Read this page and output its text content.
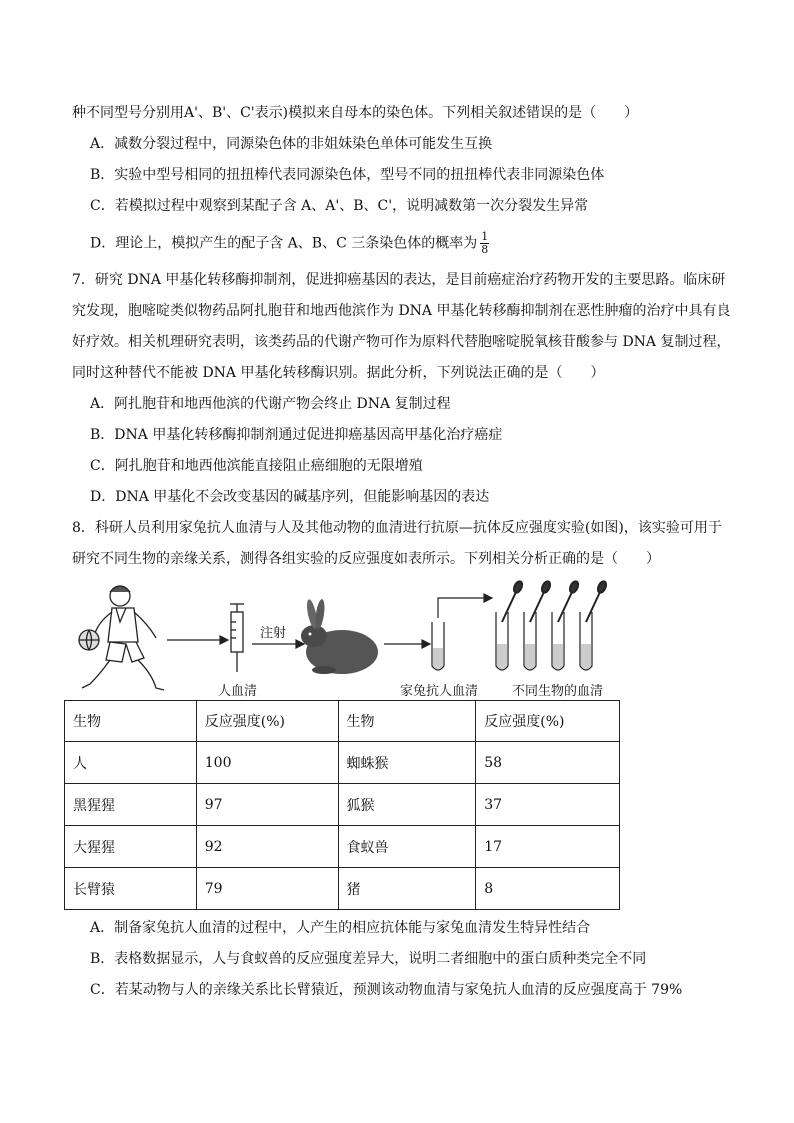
种不同型号分别用A'、B'、C'表示)模拟来自母本的染色体。下列相关叙述错误的是（　　）
A．减数分裂过程中，同源染色体的非姐妹染色单体可能发生互换
B．实验中型号相同的扭扭棒代表同源染色体，型号不同的扭扭棒代表非同源染色体
C．若模拟过程中观察到某配子含 A、A'、B、C'，说明减数第一次分裂发生异常
D．理论上，模拟产生的配子含 A、B、C 三条染色体的概率为 $\frac{1}{8}$
7．研究 DNA 甲基化转移酶抑制剂，促进抑癌基因的表达，是目前癌症治疗药物开发的主要思路。临床研
究发现，胞嘧啶类似物药品阿扎胞苷和地西他滨作为 DNA 甲基化转移酶抑制剂在恶性肿瘤的治疗中具有良
好疗效。相关机理研究表明，该类药品的代谢产物可作为原料代替胞嘧啶脱氧核苷酸参与 DNA 复制过程，
同时这种替代不能被 DNA 甲基化转移酶识别。据此分析，下列说法正确的是（　　）
A．阿扎胞苷和地西他滨的代谢产物会终止 DNA 复制过程
B．DNA 甲基化转移酶抑制剂通过促进抑癌基因高甲基化治疗癌症
C．阿扎胞苷和地西他滨能直接阻止癌细胞的无限增殖
D．DNA 甲基化不会改变基因的碱基序列，但能影响基因的表达
8．科研人员利用家兔抗人血清与人及其他动物的血清进行抗原—抗体反应强度实验(如图)，该实验可用于
研究不同生物的亲缘关系，测得各组实验的反应强度如表所示。下列相关分析正确的是（　　）
注射
人血清	家兔抗人血清	不同生物的血清
生物	反应强度(%)	生物	反应强度(%)
人	100	蜘蛛猴	58
黑猩猩	97	狐猴	37
大猩猩	92	食蚁兽	17
长臂猿	79	猪	8
A．制备家兔抗人血清的过程中，人产生的相应抗体能与家兔血清发生特异性结合
B．表格数据显示，人与食蚁兽的反应强度差异大，说明二者细胞中的蛋白质种类完全不同
C．若某动物与人的亲缘关系比长臂猿近，预测该动物血清与家兔抗人血清的反应强度高于 79%
